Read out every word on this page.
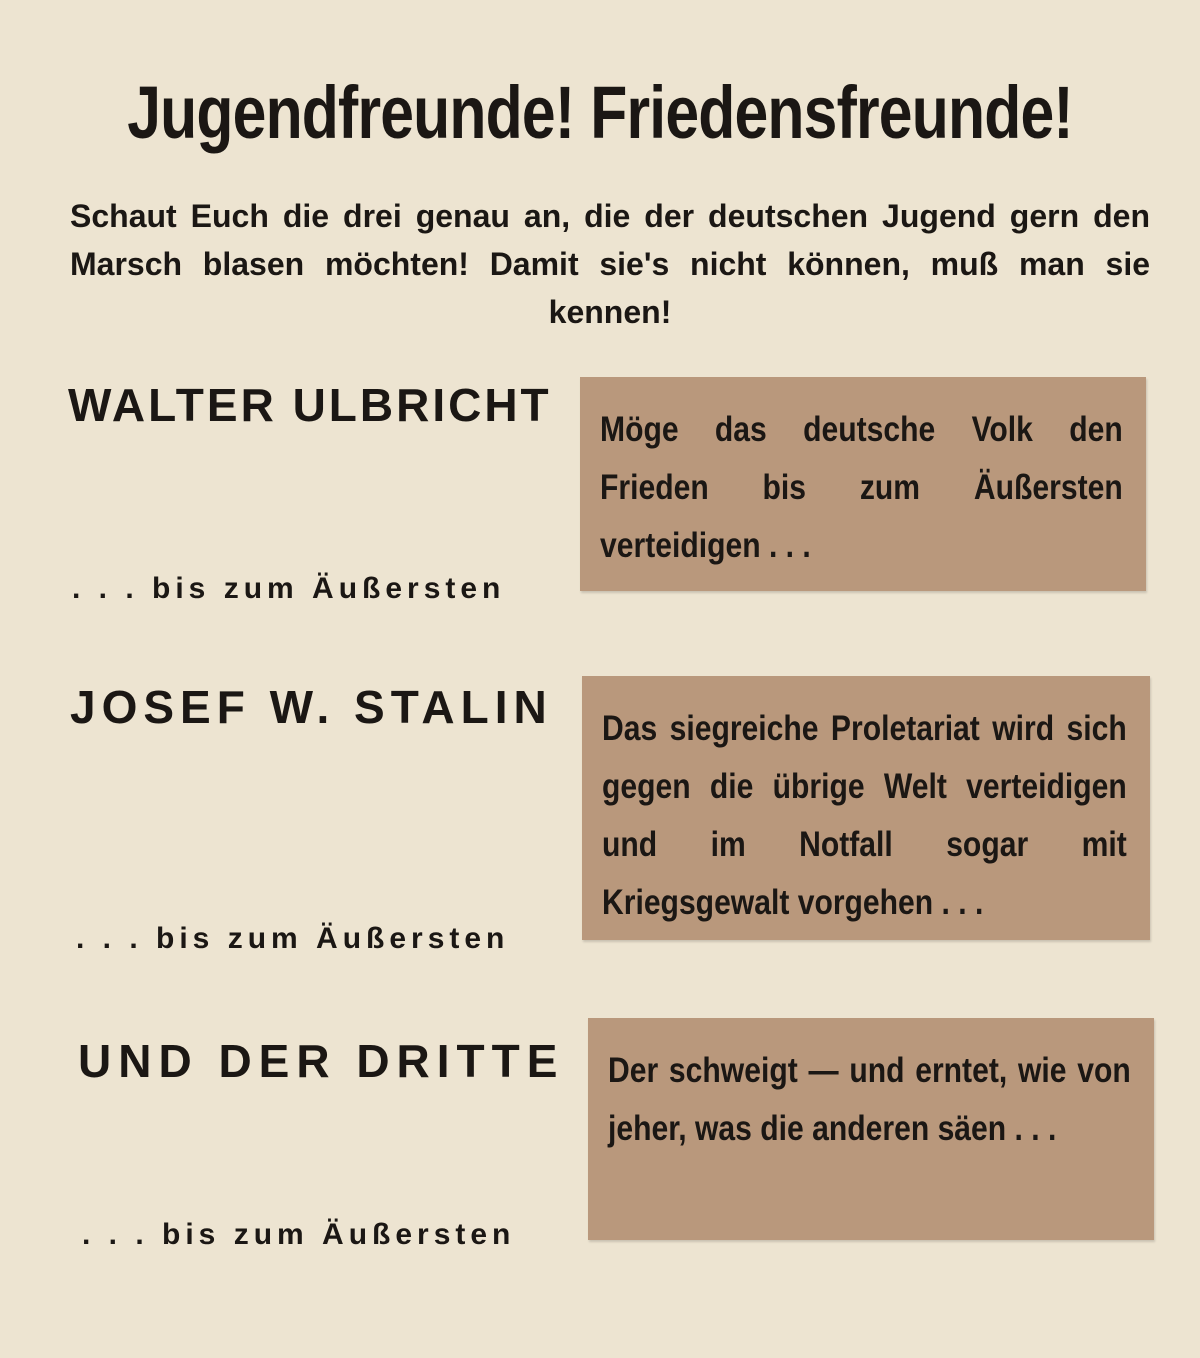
Jugendfreunde! Friedensfreunde!
Schaut Euch die drei genau an, die der deutschen Jugend gern den Marsch blasen möchten! Damit sie's nicht können, muß man sie kennen!
WALTER ULBRICHT Möge das deutsche Volk den Frieden bis zum Äußersten verteidigen . . .
. . . bis zum Äußersten
JOSEF W. STALIN Das siegreiche Proletariat wird sich gegen die übrige Welt verteidigen und im Notfall sogar mit Kriegsgewalt vorgehen . . .
. . . bis zum Äußersten
UND DER DRITTE Der schweigt — und erntet, wie von jeher, was die anderen säen . . .
. . . bis zum Äußersten
